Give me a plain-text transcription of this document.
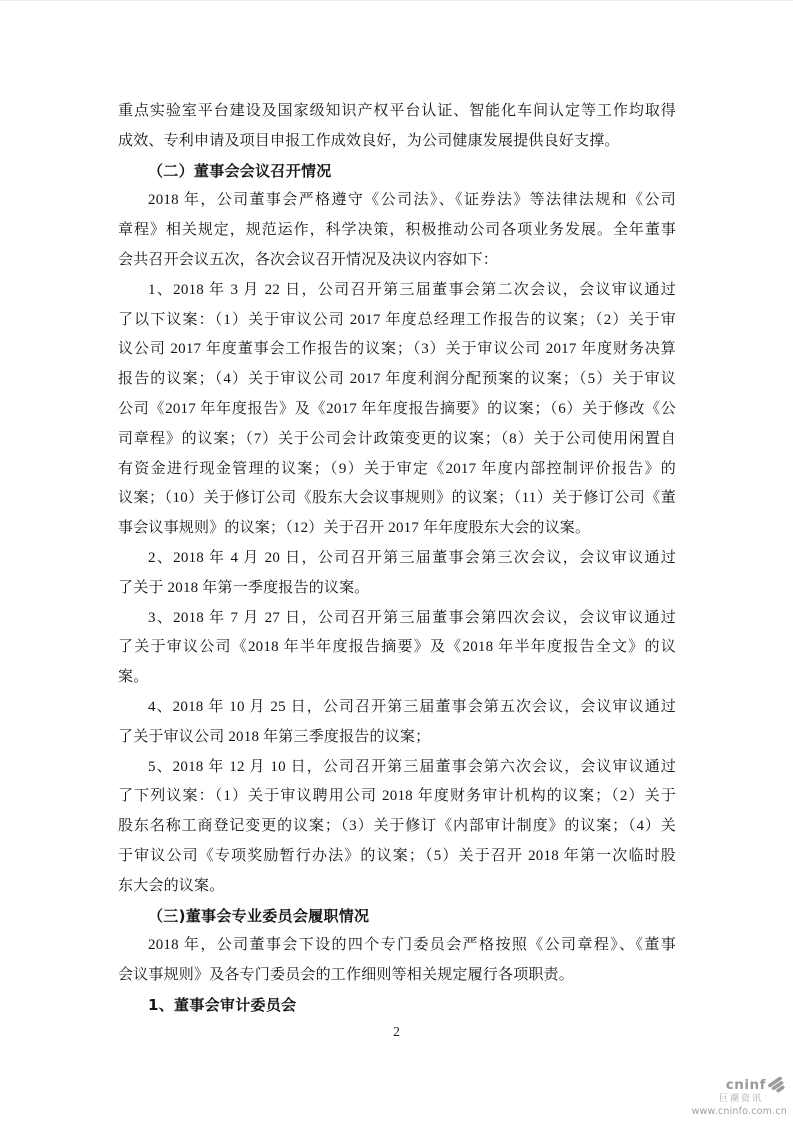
重点实验室平台建设及国家级知识产权平台认证、智能化车间认定等工作均取得
成效、专利申请及项目申报工作成效良好，为公司健康发展提供良好支撑。
（二）董事会会议召开情况
2018 年，公司董事会严格遵守《公司法》、《证券法》等法律法规和《公司
章程》相关规定，规范运作，科学决策，积极推动公司各项业务发展。全年董事
会共召开会议五次，各次会议召开情况及决议内容如下：
1、2018 年 3 月 22 日，公司召开第三届董事会第二次会议，会议审议通过
了以下议案：（1）关于审议公司 2017 年度总经理工作报告的议案；（2）关于审
议公司 2017 年度董事会工作报告的议案；（3）关于审议公司 2017 年度财务决算
报告的议案；（4）关于审议公司 2017 年度利润分配预案的议案；（5）关于审议
公司《2017 年年度报告》及《2017 年年度报告摘要》的议案；（6）关于修改《公
司章程》的议案；（7）关于公司会计政策变更的议案；（8）关于公司使用闲置自
有资金进行现金管理的议案；（9）关于审定《2017 年度内部控制评价报告》的
议案；（10）关于修订公司《股东大会议事规则》的议案；（11）关于修订公司《董
事会议事规则》的议案；（12）关于召开 2017 年年度股东大会的议案。
2、2018 年 4 月 20 日，公司召开第三届董事会第三次会议，会议审议通过
了关于 2018 年第一季度报告的议案。
3、2018 年 7 月 27 日，公司召开第三届董事会第四次会议，会议审议通过
了关于审议公司《2018 年半年度报告摘要》及《2018 年半年度报告全文》的议
案。
4、2018 年 10 月 25 日，公司召开第三届董事会第五次会议，会议审议通过
了关于审议公司 2018 年第三季度报告的议案；
5、2018 年 12 月 10 日，公司召开第三届董事会第六次会议，会议审议通过
了下列议案：（1）关于审议聘用公司 2018 年度财务审计机构的议案；（2）关于
股东名称工商登记变更的议案；（3）关于修订《内部审计制度》的议案；（4）关
于审议公司《专项奖励暂行办法》的议案；（5）关于召开 2018 年第一次临时股
东大会的议案。
（三)董事会专业委员会履职情况
2018 年，公司董事会下设的四个专门委员会严格按照《公司章程》、《董事
会议事规则》及各专门委员会的工作细则等相关规定履行各项职责。
1、董事会审计委员会
2
cninf
巨潮资讯
www.cninfo.com.cn
